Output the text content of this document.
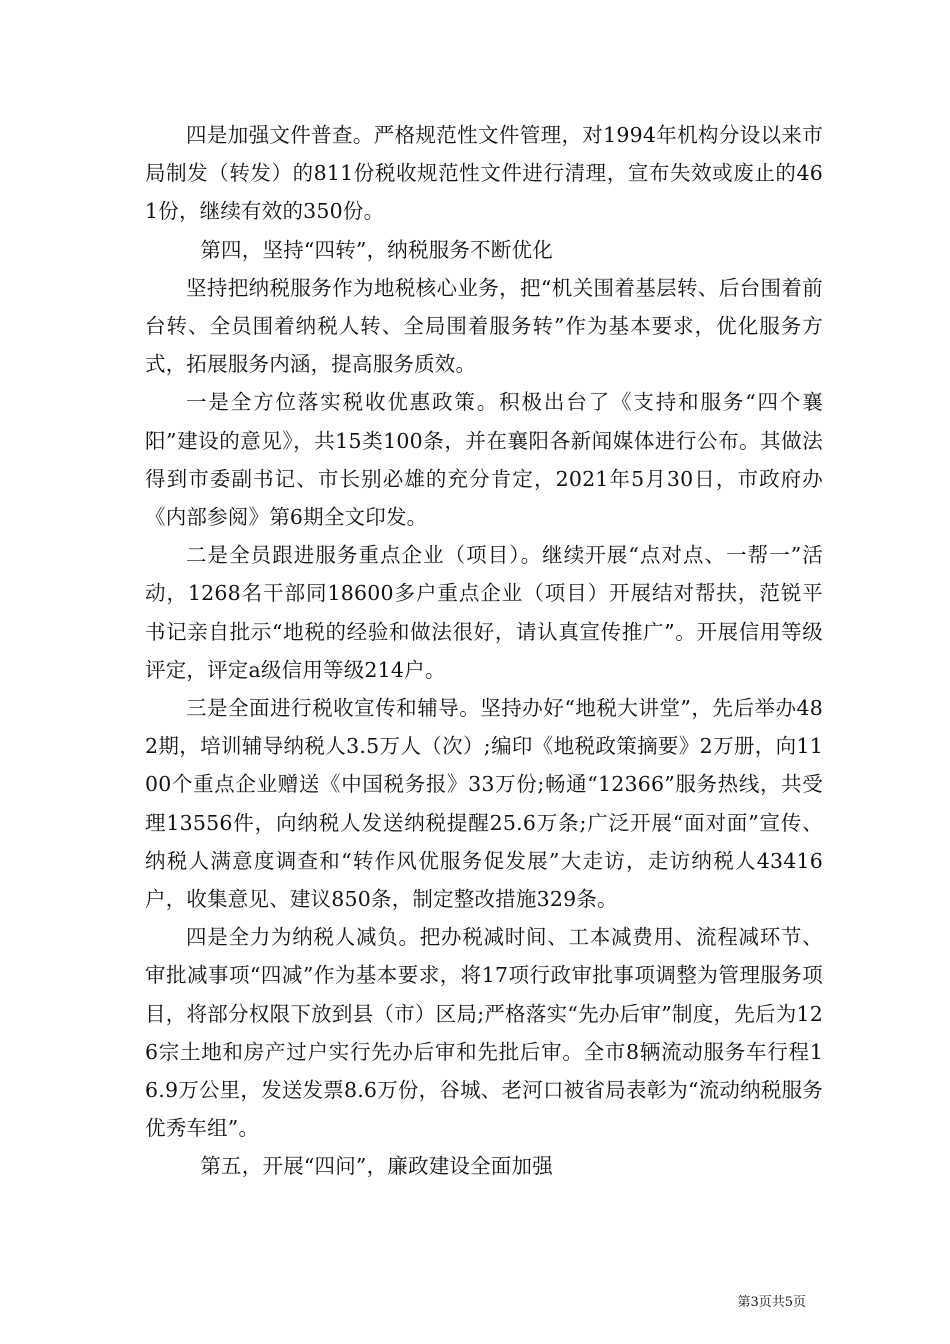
四是加强文件普查。严格规范性文件管理，对1994年机构分设以来市局制发（转发）的811份税收规范性文件进行清理，宣布失效或废止的461份，继续有效的350份。

第四，坚持“四转”，纳税服务不断优化

坚持把纳税服务作为地税核心业务，把“机关围着基层转、后台围着前台转、全员围着纳税人转、全局围着服务转”作为基本要求，优化服务方式，拓展服务内涵，提高服务质效。

一是全方位落实税收优惠政策。积极出台了《支持和服务“四个襄阳”建设的意见》，共15类100条，并在襄阳各新闻媒体进行公布。其做法得到市委副书记、市长别必雄的充分肯定，2021年5月30日，市政府办《内部参阅》第6期全文印发。

二是全员跟进服务重点企业（项目）。继续开展“点对点、一帮一”活动，1268名干部同18600多户重点企业（项目）开展结对帮扶，范锐平书记亲自批示“地税的经验和做法很好，请认真宣传推广”。开展信用等级评定，评定a级信用等级214户。

三是全面进行税收宣传和辅导。坚持办好“地税大讲堂”，先后举办482期，培训辅导纳税人3.5万人（次）;编印《地税政策摘要》2万册，向1100个重点企业赠送《中国税务报》33万份;畅通“12366”服务热线，共受理13556件，向纳税人发送纳税提醒25.6万条;广泛开展“面对面”宣传、纳税人满意度调查和“转作风优服务促发展”大走访，走访纳税人43416户，收集意见、建议850条，制定整改措施329条。

四是全力为纳税人减负。把办税减时间、工本减费用、流程减环节、审批减事项“四减”作为基本要求，将17项行政审批事项调整为管理服务项目，将部分权限下放到县（市）区局;严格落实“先办后审”制度，先后为126宗土地和房产过户实行先办后审和先批后审。全市8辆流动服务车行程16.9万公里，发送发票8.6万份，谷城、老河口被省局表彰为“流动纳税服务优秀车组”。

第五，开展“四问”，廉政建设全面加强

第3页共5页
